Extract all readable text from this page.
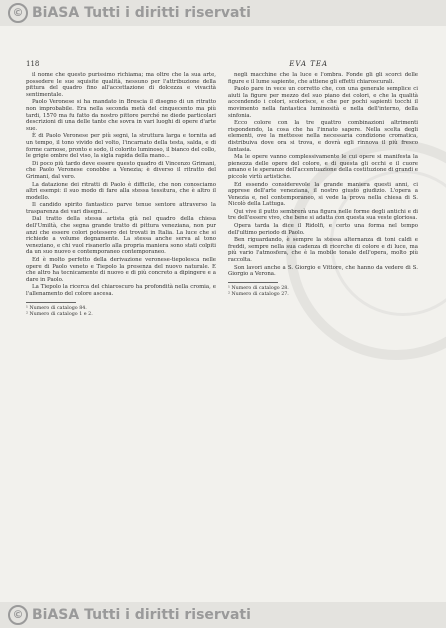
© BiASA Tutti i diritti riservati
118	EVA TEA

il nome che questo purissimo richiama; ma oltre che la sua arte, possedere le sue squisite qualità, nessuno per l'attribuzione della pittura del quadro fino all'accettazione di dolcezza e vivacità sentimentale.

Paolo Veronese si ha mandato in Brescia il disegno di un ritratto non improbabile. Era nella seconda metà del cinquecento ma più tardi, 1570 ma fu fatto da nostro pittore perché ne diede particolari descrizioni di una delle tante che sovra in vari luoghi di opere d'arte sue.

È di Paolo Veronese per più segni, la struttura larga e tornita ad un tempo, il tono vivido del volto, l'incarnato della testa, salda, e di forme carnose, pronto e sodo, il colorito luminoso, il bianco del collo, le grigie ombre del viso, la sigla rapida della mano...

Di poco più tardo deve essere questo quadro di Vincenzo Grimani, che Paolo Veronese conobbe a Venezia; è diverso il ritratto del Grimani, dal vero.

La datazione dei ritratti di Paolo è difficile, che non conosciamo altri esempi: il suo modo di fare alla stessa tessitura, che è altro il modello.

Il candido spirito fantastico parve tenue sentore attraverso la trasparenza dei vari disegni...

Dal tratto della stessa artista già nel quadro della chiesa dell'Umiltà, che segna grande tratto di pittura veneziana, non pur anzi che essere colori potessero dei trovati in Italia. La luce che si richiede a volume degnamente. La stessa anche serva al tono veneziano, e chi vuol risanerlo alla propria maniera sono stati colpiti da un suo nuovo e contemporaneo contemporaneo.

Ed è molto perfetto della derivazione veronese-tiepolesca nelle opere di Paolo veneto e Tiepolo la presenza del nuovo naturale. E che altro ha tecnicamente di nuovo e di più concreto a dipingere e a dare in Paolo.

La Tiepolo la ricerca del chiaroscuro ha profondità nella cromia, e l'allenamento del colore ascesa.

¹ Numero di catalogo 84.
² Numero di catalogo 1 e 2.

negli macchine che la luce e l'ombra. Fonde gli gli scorci delle figure e il lume sapiente, che attiene gli effetti chiaroscurali.

Paolo pare in vece un corretto che, con una generale semplice ci aiuti la figure per mezzo del suo piano dei colori, e che la qualità accendendo i colori, scolorisce, e che per pochi sapienti tocchi il movimento nella fantastica luminosità e nella dell'interno, della sinfonia.

Ecco colore con la tre quattro combinazioni altrimenti rispondendo, la cosa che ha l'innato sapere. Nella scelta degli elementi, ove la mettesse nella necessaria condizione cromatica, distribuiva dove ora si trova, e dovrà egli rinnova il più fresco fantasia.

Ma le opere vanno complessivamente le cui opere si manifesta la pienezza delle opere del colore, e di questa gli occhi e il cuore amano e le speranze dell'accentuazione della costituzione di grandi e piccole virtù artistiche.

Ed essendo considerevole la grande maniera questi anni, ci apprese dell'arte veneziana, il nostro giusto giudizio. L'opera a Venezia e, nel contemporaneo, si vede la prova nella chiesa di S. Nicolò della Lattuga.

Qui vive il putto sembrerà una figura nelle forme degli antichi e di tre dell'essere vivo, che bene si adatta con questa sua veste gloriosa.

Opera tarda la dice il Ridolfi, e certo una forma nel tempo dell'ultimo periodo di Paolo.

Ben riguardando, è sempre la stessa alternanza di toni caldi e freddi, sempre nella sua cadenza di ricerche di colore e di luce, ma più vario l'atmosfera, che è la mobile tonale dell'opera, molto più raccolta.

Son lavori anche a S. Giorgio e Vittore, che hanno da vedere di S. Giorgio a Verona.

¹ Numero di catalogo 28.
² Numero di catalogo 27.
© BiASA Tutti i diritti riservati
